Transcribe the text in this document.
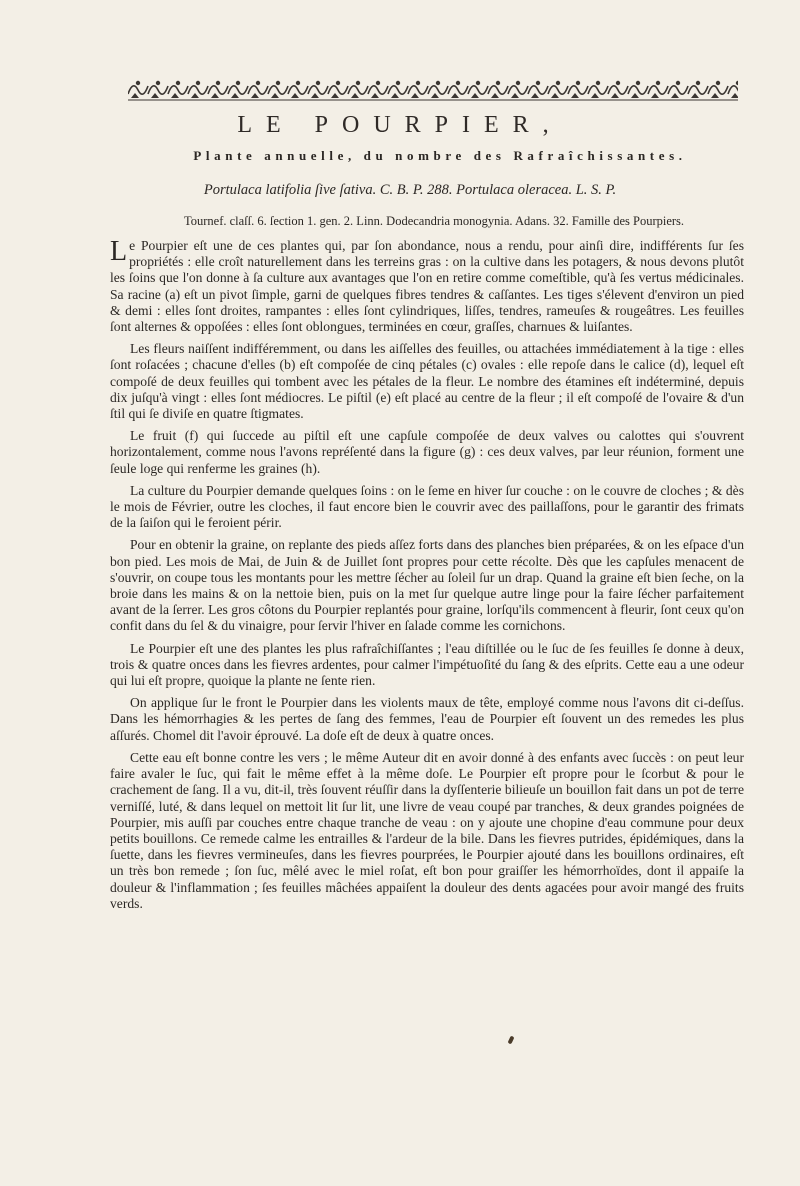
LE POURPIER,
Plante annuelle, du nombre des Rafraîchissantes.
Portulaca latifolia ſive ſativa. C. B. P. 288. Portulaca oleracea. L. S. P.
Tournef. claſſ. 6. ſection 1. gen. 2. Linn. Dodecandria monogynia. Adans. 32. Famille des Pourpiers.

Le Pourpier eſt une de ces plantes qui, par ſon abondance, nous a rendu, pour ainſi dire, indifférents ſur ſes propriétés : elle croît naturellement dans les terreins gras : on la cultive dans les potagers, & nous devons plutôt les ſoins que l'on donne à ſa culture aux avantages que l'on en retire comme comeſtible, qu'à ſes vertus médicinales. Sa racine (a) eſt un pivot ſimple, garni de quelques fibres tendres & caſſantes. Les tiges s'élevent d'environ un pied & demi : elles ſont droites, rampantes : elles ſont cylindriques, liſſes, tendres, rameuſes & rougeâtres. Les feuilles ſont alternes & oppoſées : elles ſont oblongues, terminées en cœur, graſſes, charnues & luiſantes.

Les fleurs naiſſent indifféremment, ou dans les aiſſelles des feuilles, ou attachées immédiatement à la tige : elles ſont roſacées ; chacune d'elles (b) eſt compoſée de cinq pétales (c) ovales : elle repoſe dans le calice (d), lequel eſt compoſé de deux feuilles qui tombent avec les pétales de la fleur. Le nombre des étamines eſt indéterminé, depuis dix juſqu'à vingt : elles ſont médiocres. Le piſtil (e) eſt placé au centre de la fleur ; il eſt compoſé de l'ovaire & d'un ſtil qui ſe diviſe en quatre ſtigmates.

Le fruit (f) qui ſuccede au piſtil eſt une capſule compoſée de deux valves ou calottes qui s'ouvrent horizontalement, comme nous l'avons repréſenté dans la figure (g) : ces deux valves, par leur réunion, forment une ſeule loge qui renferme les graines (h).

La culture du Pourpier demande quelques ſoins : on le ſeme en hiver ſur couche : on le couvre de cloches ; & dès le mois de Février, outre les cloches, il faut encore bien le couvrir avec des paillaſſons, pour le garantir des frimats de la ſaiſon qui le feroient périr.

Pour en obtenir la graine, on replante des pieds aſſez forts dans des planches bien préparées, & on les eſpace d'un bon pied. Les mois de Mai, de Juin & de Juillet ſont propres pour cette récolte. Dès que les capſules menacent de s'ouvrir, on coupe tous les montants pour les mettre ſécher au ſoleil ſur un drap. Quand la graine eſt bien ſeche, on la broie dans les mains & on la nettoie bien, puis on la met ſur quelque autre linge pour la faire ſécher parfaitement avant de la ſerrer. Les gros côtons du Pourpier replantés pour graine, lorſqu'ils commencent à fleurir, ſont ceux qu'on confit dans du ſel & du vinaigre, pour ſervir l'hiver en ſalade comme les cornichons.

Le Pourpier eſt une des plantes les plus rafraîchiſſantes ; l'eau diſtillée ou le ſuc de ſes feuilles ſe donne à deux, trois & quatre onces dans les fievres ardentes, pour calmer l'impétuoſité du ſang & des eſprits. Cette eau a une odeur qui lui eſt propre, quoique la plante ne ſente rien.

On applique ſur le front le Pourpier dans les violents maux de tête, employé comme nous l'avons dit ci-deſſus. Dans les hémorrhagies & les pertes de ſang des femmes, l'eau de Pourpier eſt ſouvent un des remedes les plus aſſurés. Chomel dit l'avoir éprouvé. La doſe eſt de deux à quatre onces.

Cette eau eſt bonne contre les vers ; le même Auteur dit en avoir donné à des enfants avec ſuccès : on peut leur faire avaler le ſuc, qui fait le même effet à la même doſe. Le Pourpier eſt propre pour le ſcorbut & pour le crachement de ſang. Il a vu, dit-il, très ſouvent réuſſir dans la dyſſenterie bilieuſe un bouillon fait dans un pot de terre verniſſé, luté, & dans lequel on mettoit lit ſur lit, une livre de veau coupé par tranches, & deux grandes poignées de Pourpier, mis auſſi par couches entre chaque tranche de veau : on y ajoute une chopine d'eau commune pour deux petits bouillons. Ce remede calme les entrailles & l'ardeur de la bile. Dans les fievres putrides, épidémiques, dans la ſuette, dans les fievres vermineuſes, dans les fievres pourprées, le Pourpier ajouté dans les bouillons ordinaires, eſt un très bon remede ; ſon ſuc, mêlé avec le miel roſat, eſt bon pour graiſſer les hémorrhoïdes, dont il appaiſe la douleur & l'inflammation ; ſes feuilles mâchées appaiſent la douleur des dents agacées pour avoir mangé des fruits verds.
